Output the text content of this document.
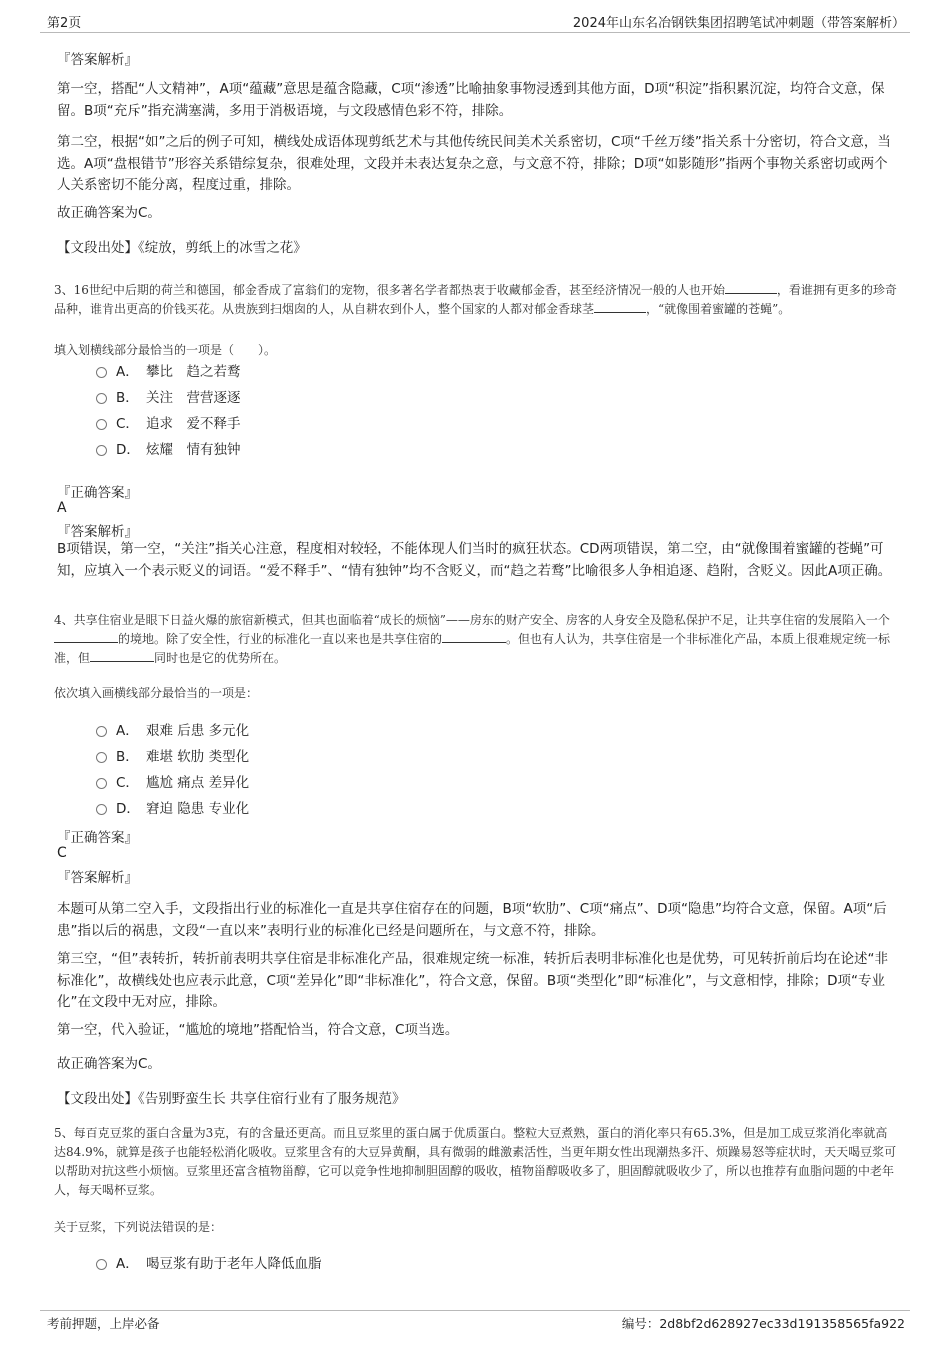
第2页	2024年山东名冶钢铁集团招聘笔试冲刺题（带答案解析）
『答案解析』
第一空，搭配“人文精神”，A项“蕴藏”意思是蕴含隐藏，C项“渗透”比喻抽象事物浸透到其他方面，D项“积淀”指积累沉淀，均符合文意，保留。B项“充斥”指充满塞满，多用于消极语境，与文段感情色彩不符，排除。
第二空，根据“如”之后的例子可知，横线处成语体现剪纸艺术与其他传统民间美术关系密切，C项“千丝万缕”指关系十分密切，符合文意，当选。A项“盘根错节”形容关系错综复杂，很难处理，文段并未表达复杂之意，与文意不符，排除；D项“如影随形”指两个事物关系密切或两个人关系密切不能分离，程度过重，排除。
故正确答案为C。
【文段出处】《绽放，剪纸上的冰雪之花》
3、16世纪中后期的荷兰和德国，郁金香成了富翁们的宠物，很多著名学者都热衷于收藏郁金香，甚至经济情况一般的人也开始	，看谁拥有更多的珍奇品种，谁肯出更高的价钱买花。从贵族到扫烟囱的人，从自耕农到仆人，整个国家的人都对郁金香球茎	，“就像围着蜜罐的苍蝇”。
填入划横线部分最恰当的一项是（　　）。
A． 攀比　趋之若鹜
B． 关注　营营逐逐
C． 追求　爱不释手
D． 炫耀　情有独钟
『正确答案』
A
『答案解析』
B项错误，第一空，“关注”指关心注意，程度相对较轻，不能体现人们当时的疯狂状态。CD两项错误，第二空，由“就像围着蜜罐的苍蝇”可知，应填入一个表示贬义的词语。“爱不释手”、“情有独钟”均不含贬义，而“趋之若鹜”比喻很多人争相追逐、趋附，含贬义。因此A项正确。
4、共享住宿业是眼下日益火爆的旅宿新模式，但其也面临着“成长的烦恼”——房东的财产安全、房客的人身安全及隐私保护不足，让共享住宿的发展陷入一个的境地。除了安全性，行业的标准化一直以来也是共享住宿的	。但也有人认为，共享住宿是一个非标准化产品，本质上很难规定统一标准，但	同时也是它的优势所在。
依次填入画横线部分最恰当的一项是：
A． 艰难 后患 多元化
B． 难堪 软肋 类型化
C． 尴尬 痛点 差异化
D． 窘迫 隐患 专业化
『正确答案』
C
『答案解析』
本题可从第二空入手，文段指出行业的标准化一直是共享住宿存在的问题，B项“软肋”、C项“痛点”、D项“隐患”均符合文意，保留。A项“后患”指以后的祸患，文段“一直以来”表明行业的标准化已经是问题所在，与文意不符，排除。
第三空，“但”表转折，转折前表明共享住宿是非标准化产品，很难规定统一标准，转折后表明非标准化也是优势，可见转折前后均在论述“非标准化”，故横线处也应表示此意，C项“差异化”即“非标准化”，符合文意，保留。B项“类型化”即“标准化”，与文意相悖，排除；D项“专业化”在文段中无对应，排除。
第一空，代入验证，“尴尬的境地”搭配恰当，符合文意，C项当选。
故正确答案为C。
【文段出处】《告别野蛮生长 共享住宿行业有了服务规范》
5、每百克豆浆的蛋白含量为3克，有的含量还更高。而且豆浆里的蛋白属于优质蛋白。整粒大豆煮熟，蛋白的消化率只有65.3%，但是加工成豆浆消化率就高达84.9%，就算是孩子也能轻松消化吸收。豆浆里含有的大豆异黄酮，具有微弱的雌激素活性，当更年期女性出现潮热多汗、烦躁易怒等症状时，天天喝豆浆可以帮助对抗这些小烦恼。豆浆里还富含植物甾醇，它可以竞争性地抑制胆固醇的吸收，植物甾醇吸收多了，胆固醇就吸收少了，所以也推荐有血脂问题的中老年人，每天喝杯豆浆。
关于豆浆，下列说法错误的是：
A． 喝豆浆有助于老年人降低血脂
考前押题，上岸必备	编号：2d8bf2d628927ec33d191358565fa922
